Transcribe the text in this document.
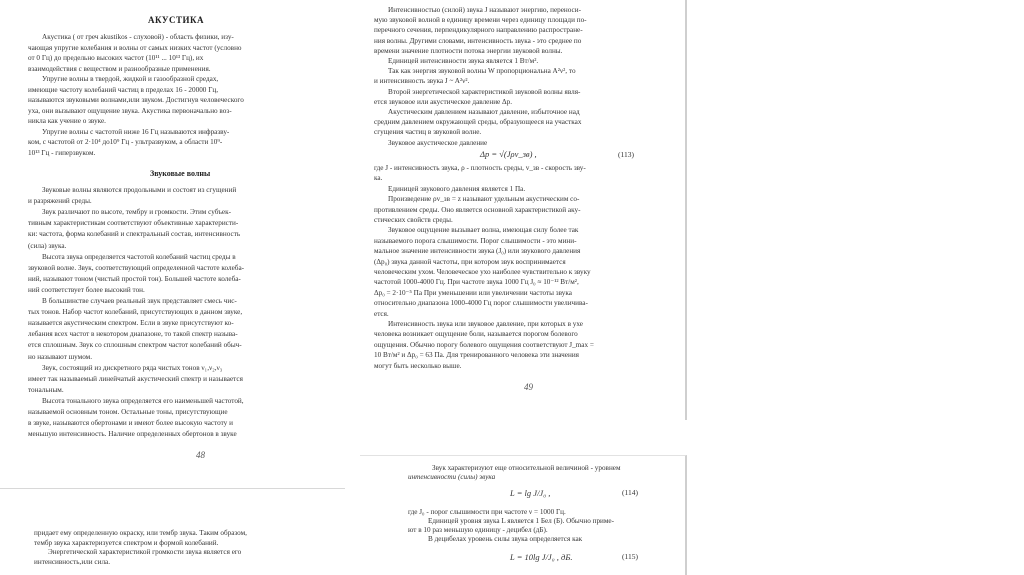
АКУСТИКА
Акустика ( от греч akustikos - слуховой) - область физики, изу-
чающая упругие колебания и волны от самых низких частот (условно
от 0 Гц) до предельно высоких частот (10¹¹ ... 10¹³ Гц), их
взаимодействия с веществом и разнообразные применения.
Упругие волны в твердой, жидкой и газообразной средах,
имеющие частоту колебаний частиц в пределах 16 - 20000 Гц,
называются звуковыми волнами,или звуком. Достигнув человеческого
уха, они вызывают ощущение звука. Акустика первоначально воз-
никла как учение о звуке.
Упругие волны с частотой ниже 16 Гц называются инфразву-
ком, с частотой от 2·10⁴ до10⁹ Гц - ультразвуком, а области 10⁹-
10¹³ Гц - гиперзвуком.
Звуковые волны
Звуковые волны являются продольными и состоят из сгущений
и разряжений среды.
Звук различают по высоте, тембру и громкости. Этим субъек-
тивным характеристикам соответствуют объективные характеристи-
ки: частота, форма колебаний и спектральный состав, интенсивность
(сила) звука.
Высота звука определяется частотой колебаний частиц среды в
звуковой волне. Звук, соответствующий определенной частоте колеба-
ний, называют тоном (чистый простой тон). Большей частоте колеба-
ний соответствует более высокий тон.
В большинстве случаев реальный звук представляет смесь чис-
тых тонов. Набор частот колебаний, присутствующих в данном звуке,
называется акустическим спектром. Если в звуке присутствуют ко-
лебания всех частот в некотором диапазоне, то такой спектр называ-
ется сплошным. Звук со сплошным спектром частот колебаний обыч-
но называют шумом.
Звук, состоящий из дискретного ряда чистых тонов ν₁,ν₂,ν₃
имеет так называемый линейчатый акустический спектр и называется
тональным.
Высота тонального звука определяется его наименьшей частотой,
называемой основным тоном. Остальные тоны, присутствующие
в звуке, называются обертонами и имеют более высокую частоту и
меньшую интенсивность. Наличие определенных обертонов в звуке
48
Интенсивностью (силой) звука J называют энергию, переноси-
мую звуковой волной в единицу времени через единицу площади по-
перечного сечения, перпендикулярного направлению распростране-
ния волны. Другими словами, интенсивность звука - это среднее по
времени значение плотности потока энергии звуковой волны.
Единицей интенсивности звука является 1 Вт/м².
Так как энергия звуковой волны W пропорциональна A²ν², то
и интенсивность звука J ~ A²ν².
Второй энергетической характеристикой звуковой волны явля-
ется звуковое или акустическое давление Δp.
Акустическим давлением называют давление, избыточное над
средним давлением окружающей среды, образующееся на участках
сгущения частиц в звуковой волне.
Звуковое акустическое давление
Δp = √(Jρv_зв) ,	(113)
где J - интенсивность звука, ρ - плотность среды, v_зв - скорость зву-
ка.
Единицей звукового давления является 1 Па.
Произведение ρv_зв = z называют удельным акустическим со-
противлением среды. Оно является основной характеристикой аку-
стических свойств среды.
Звуковое ощущение вызывает волна, имеющая силу более так
называемого порога слышимости. Порог слышимости - это мини-
мальное значение интенсивности звука (J₀) или звукового давления
(Δp₀) звука данной частоты, при котором звук воспринимается
человеческим ухом. Человеческое ухо наиболее чувствительно к звуку
частотой 1000-4000 Гц. При частоте звука 1000 Гц J₀ ≈ 10⁻¹² Вт/м²,
Δp₀ = 2·10⁻⁵ Па При уменьшении или увеличении частоты звука
относительно диапазона 1000-4000 Гц порог слышимости увеличива-
ется.
Интенсивность звука или звуковое давление, при которых в ухе
человека возникает ощущение боли, называется порогом болевого
ощущения. Обычно порогу болевого ощущения соответствуют J_max =
10 Вт/м² и Δp₀ = 63 Па. Для тренированного человека эти значения
могут быть несколько выше.
49
придает ему определенную окраску, или тембр звука. Таким образом,
тембр звука характеризуется спектром и формой колебаний.
Энергетической характеристикой громкости звука является его
интенсивность,или сила.
Звук характеризуют еще относительной величиной - уровнем
интенсивности (силы) звука
L = lg J/J₀ ,	(114)
где J₀ - порог слышимости при частоте ν = 1000 Гц.
Единицей уровня звука L является 1 Бел (Б). Обычно приме-
ют в 10 раз меньшую единицу - децибел (дБ).
В децибелах уровень силы звука определяется как
L = 10lg J/J₀ , дБ.	(115)
